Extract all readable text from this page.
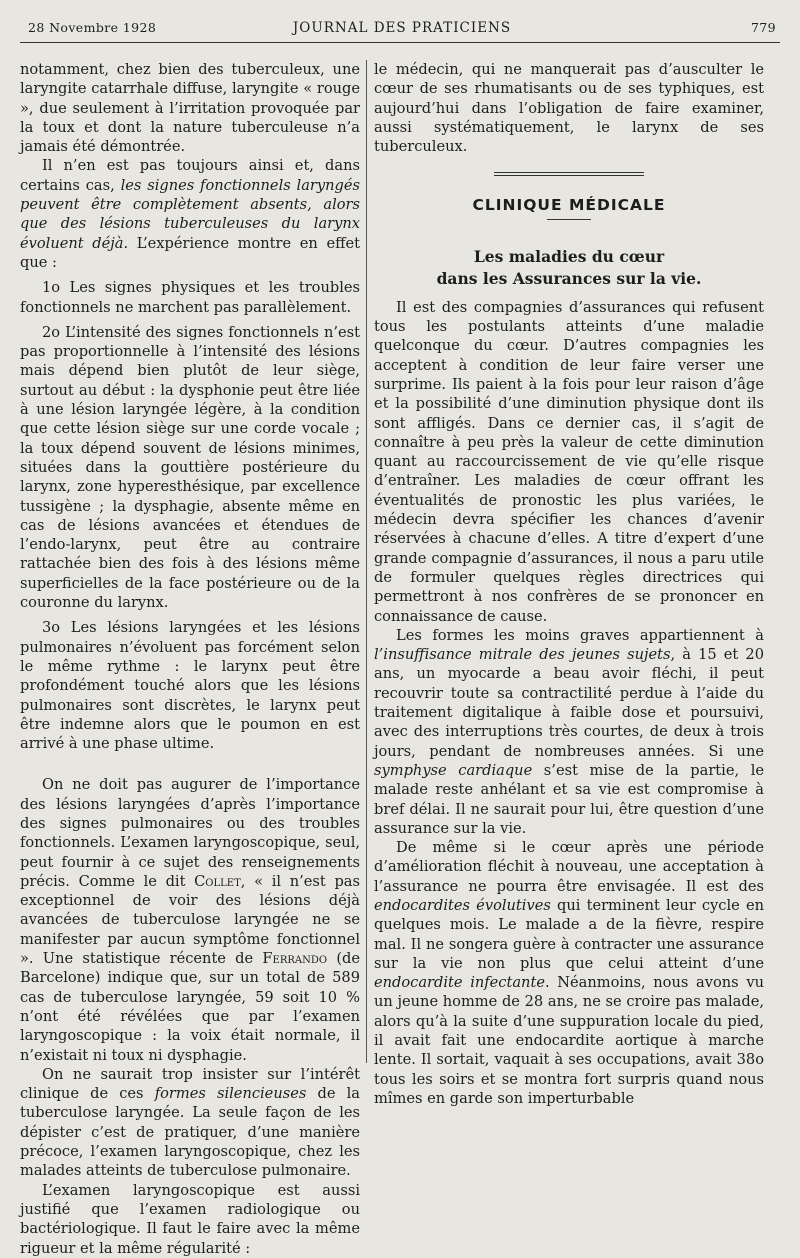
28 Novembre 1928	JOURNAL DES PRATICIENS	779

notamment, chez bien des tuberculeux, une laryngite catarrhale diffuse, laryngite « rouge », due seulement à l’irritation provoquée par la toux et dont la nature tuberculeuse n’a jamais été démontrée.

Il n’en est pas toujours ainsi et, dans certains cas, les signes fonctionnels laryngés peuvent être complètement absents, alors que des lésions tuberculeuses du larynx évoluent déjà. L’expérience montre en effet que :

1o Les signes physiques et les troubles fonctionnels ne marchent pas parallèlement.

2o L’intensité des signes fonctionnels n’est pas proportionnelle à l’intensité des lésions mais dépend bien plutôt de leur siège, surtout au début : la dysphonie peut être liée à une lésion laryngée légère, à la condition que cette lésion siège sur une corde vocale ; la toux dépend souvent de lésions minimes, situées dans la gouttière postérieure du larynx, zone hyperesthésique, par excellence tussigène ; la dysphagie, absente même en cas de lésions avancées et étendues de l’endo-larynx, peut être au contraire rattachée bien des fois à des lésions même superficielles de la face postérieure ou de la couronne du larynx.

3o Les lésions laryngées et les lésions pulmonaires n’évoluent pas forcément selon le même rythme : le larynx peut être profondément touché alors que les lésions pulmonaires sont discrètes, le larynx peut être indemne alors que le poumon en est arrivé à une phase ultime.

On ne doit pas augurer de l’importance des lésions laryngées d’après l’importance des signes pulmonaires ou des troubles fonctionnels. L’examen laryngoscopique, seul, peut fournir à ce sujet des renseignements précis. Comme le dit Collet, « il n’est pas exceptionnel de voir des lésions déjà avancées de tuberculose laryngée ne se manifester par aucun symptôme fonctionnel ». Une statistique récente de Ferrando (de Barcelone) indique que, sur un total de 589 cas de tuberculose laryngée, 59 soit 10 % n’ont été révélées que par l’examen laryngoscopique : la voix était normale, il n’existait ni toux ni dysphagie.

On ne saurait trop insister sur l’intérêt clinique de ces formes silencieuses de la tuberculose laryngée. La seule façon de les dépister c’est de pratiquer, d’une manière précoce, l’examen laryngoscopique, chez les malades atteints de tuberculose pulmonaire.

L’examen laryngoscopique est aussi justifié que l’examen radiologique ou bactériologique. Il faut le faire avec la même rigueur et la même régularité :

le médecin, qui ne manquerait pas d’ausculter le cœur de ses rhumatisants ou de ses typhiques, est aujourd’hui dans l’obligation de faire examiner, aussi systématiquement, le larynx de ses tuberculeux.

CLINIQUE MÉDICALE
Les maladies du cœur
dans les Assurances sur la vie.

Il est des compagnies d’assurances qui refusent tous les postulants atteints d’une maladie quelconque du cœur. D’autres compagnies les acceptent à condition de leur faire verser une surprime. Ils paient à la fois pour leur raison d’âge et la possibilité d’une diminution physique dont ils sont affligés. Dans ce dernier cas, il s’agit de connaître à peu près la valeur de cette diminution quant au raccourcissement de vie qu’elle risque d’entraîner. Les maladies de cœur offrant les éventualités de pronostic les plus variées, le médecin devra spécifier les chances d’avenir réservées à chacune d’elles. A titre d’expert d’une grande compagnie d’assurances, il nous a paru utile de formuler quelques règles directrices qui permettront à nos confrères de se prononcer en connaissance de cause.

Les formes les moins graves appartiennent à l’insuffisance mitrale des jeunes sujets, à 15 et 20 ans, un myocarde a beau avoir fléchi, il peut recouvrir toute sa contractilité perdue à l’aide du traitement digitalique à faible dose et poursuivi, avec des interruptions très courtes, de deux à trois jours, pendant de nombreuses années. Si une symphyse cardiaque s’est mise de la partie, le malade reste anhélant et sa vie est compromise à bref délai. Il ne saurait pour lui, être question d’une assurance sur la vie.

De même si le cœur après une période d’amélioration fléchit à nouveau, une acceptation à l’assurance ne pourra être envisagée. Il est des endocardites évolutives qui terminent leur cycle en quelques mois. Le malade a de la fièvre, respire mal. Il ne songera guère à contracter une assurance sur la vie non plus que celui atteint d’une endocardite infectante. Néanmoins, nous avons vu un jeune homme de 28 ans, ne se croire pas malade, alors qu’à la suite d’une suppuration locale du pied, il avait fait une endocardite aortique à marche lente. Il sortait, vaquait à ses occupations, avait 38o tous les soirs et se montra fort surpris quand nous mîmes en garde son imperturbable
